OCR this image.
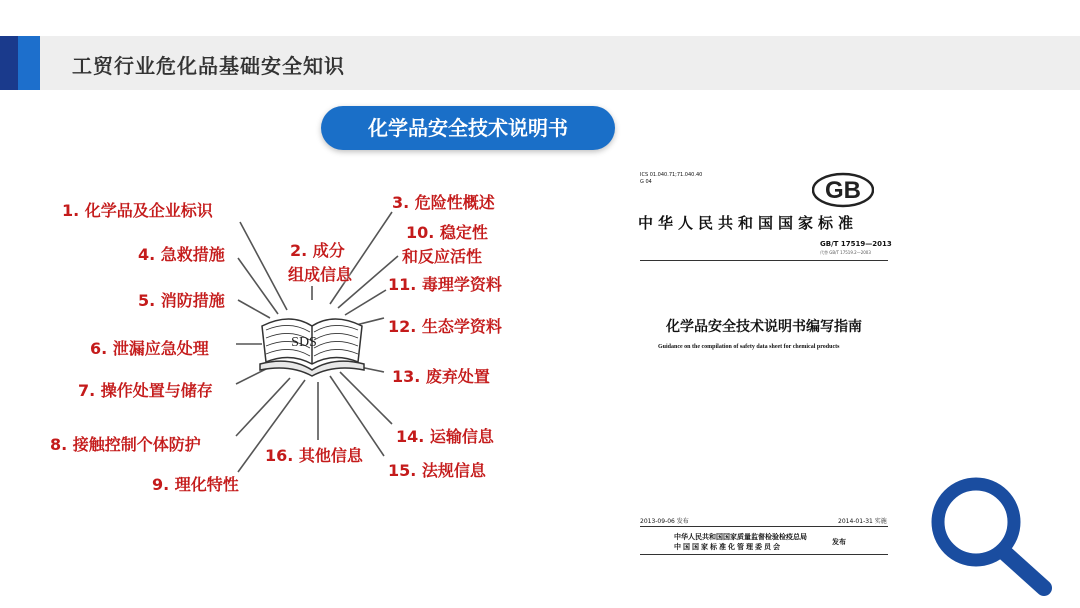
工贸行业危化品基础安全知识
化学品安全技术说明书
SDS
1. 化学品及企业标识
4. 急救措施
5. 消防措施
6. 泄漏应急处理
7. 操作处置与储存
8. 接触控制个体防护
9. 理化特性
2. 成分
组成信息
16. 其他信息
3. 危险性概述
10. 稳定性
和反应活性
11. 毒理学资料
12. 生态学资料
13. 废弃处置
14. 运输信息
15. 法规信息
ICS 01.040.71;71.040.40
G 04	GB
中华人民共和国国家标准
GB/T 17519—2013
代替 GB/T 17519.2—2003
化学品安全技术说明书编写指南
Guidance on the compilation of safety data sheet for chemical products
2013-09-06 发布	2014-01-31 实施
中华人民共和国国家质量监督检验检疫总局
中国国家标准化管理委员会
发布
